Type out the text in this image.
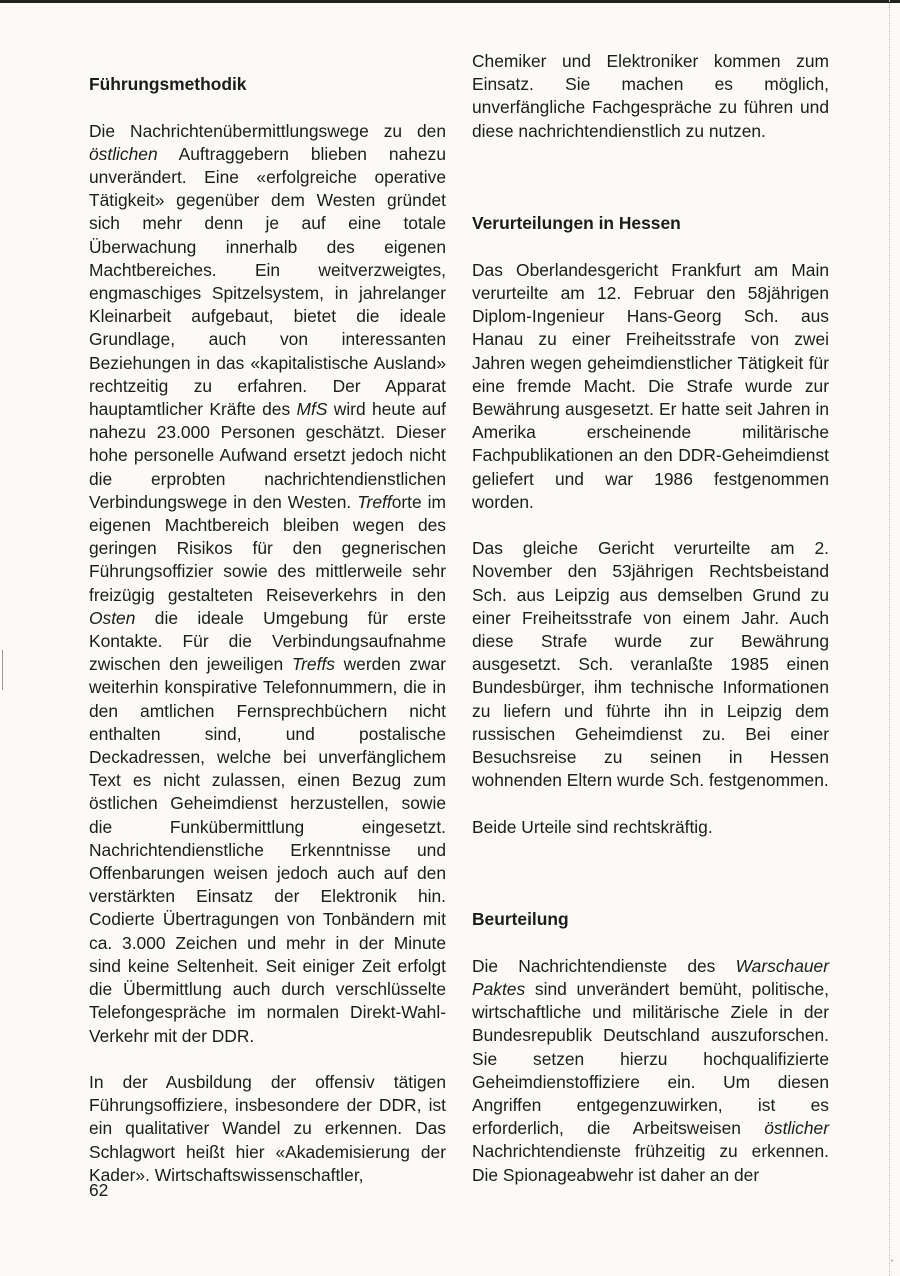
Führungsmethodik

Die Nachrichtenübermittlungswege zu den östlichen Auftraggebern blieben nahezu unverändert. Eine «erfolgreiche operative Tätigkeit» gegenüber dem Westen gründet sich mehr denn je auf eine totale Überwachung innerhalb des eigenen Machtbereiches. Ein weitverzweigtes, engmaschiges Spitzelsystem, in jahrelanger Kleinarbeit aufgebaut, bietet die ideale Grundlage, auch von interessanten Beziehungen in das «kapitalistische Ausland» rechtzeitig zu erfahren. Der Apparat hauptamtlicher Kräfte des MfS wird heute auf nahezu 23.000 Personen geschätzt. Dieser hohe personelle Aufwand ersetzt jedoch nicht die erprobten nachrichtendienstlichen Verbindungswege in den Westen. Trefforte im eigenen Machtbereich bleiben wegen des geringen Risikos für den gegnerischen Führungsoffizier sowie des mittlerweile sehr freizügig gestalteten Reiseverkehrs in den Osten die ideale Umgebung für erste Kontakte. Für die Verbindungsaufnahme zwischen den jeweiligen Treffs werden zwar weiterhin konspirative Telefonnummern, die in den amtlichen Fernsprechbüchern nicht enthalten sind, und postalische Deckadressen, welche bei unverfänglichem Text es nicht zulassen, einen Bezug zum östlichen Geheimdienst herzustellen, sowie die Funkübermittlung eingesetzt. Nachrichtendienstliche Erkenntnisse und Offenbarungen weisen jedoch auch auf den verstärkten Einsatz der Elektronik hin. Codierte Übertragungen von Tonbändern mit ca. 3.000 Zeichen und mehr in der Minute sind keine Seltenheit. Seit einiger Zeit erfolgt die Übermittlung auch durch verschlüsselte Telefongespräche im normalen Direkt-Wahl-Verkehr mit der DDR.

In der Ausbildung der offensiv tätigen Führungsoffiziere, insbesondere der DDR, ist ein qualitativer Wandel zu erkennen. Das Schlagwort heißt hier «Akademisierung der Kader». Wirtschaftswissenschaftler,

Chemiker und Elektroniker kommen zum Einsatz. Sie machen es möglich, unverfängliche Fachgespräche zu führen und diese nachrichtendienstlich zu nutzen.

Verurteilungen in Hessen

Das Oberlandesgericht Frankfurt am Main verurteilte am 12. Februar den 58jährigen Diplom-Ingenieur Hans-Georg Sch. aus Hanau zu einer Freiheitsstrafe von zwei Jahren wegen geheimdienstlicher Tätigkeit für eine fremde Macht. Die Strafe wurde zur Bewährung ausgesetzt. Er hatte seit Jahren in Amerika erscheinende militärische Fachpublikationen an den DDR-Geheimdienst geliefert und war 1986 festgenommen worden.

Das gleiche Gericht verurteilte am 2. November den 53jährigen Rechtsbeistand Sch. aus Leipzig aus demselben Grund zu einer Freiheitsstrafe von einem Jahr. Auch diese Strafe wurde zur Bewährung ausgesetzt. Sch. veranlaßte 1985 einen Bundesbürger, ihm technische Informationen zu liefern und führte ihn in Leipzig dem russischen Geheimdienst zu. Bei einer Besuchsreise zu seinen in Hessen wohnenden Eltern wurde Sch. festgenommen.

Beide Urteile sind rechtskräftig.

Beurteilung

Die Nachrichtendienste des Warschauer Paktes sind unverändert bemüht, politische, wirtschaftliche und militärische Ziele in der Bundesrepublik Deutschland auszuforschen. Sie setzen hierzu hochqualifizierte Geheimdienstoffiziere ein. Um diesen Angriffen entgegenzuwirken, ist es erforderlich, die Arbeitsweisen östlicher Nachrichtendienste frühzeitig zu erkennen. Die Spionageabwehr ist daher an der

62
ˌ
